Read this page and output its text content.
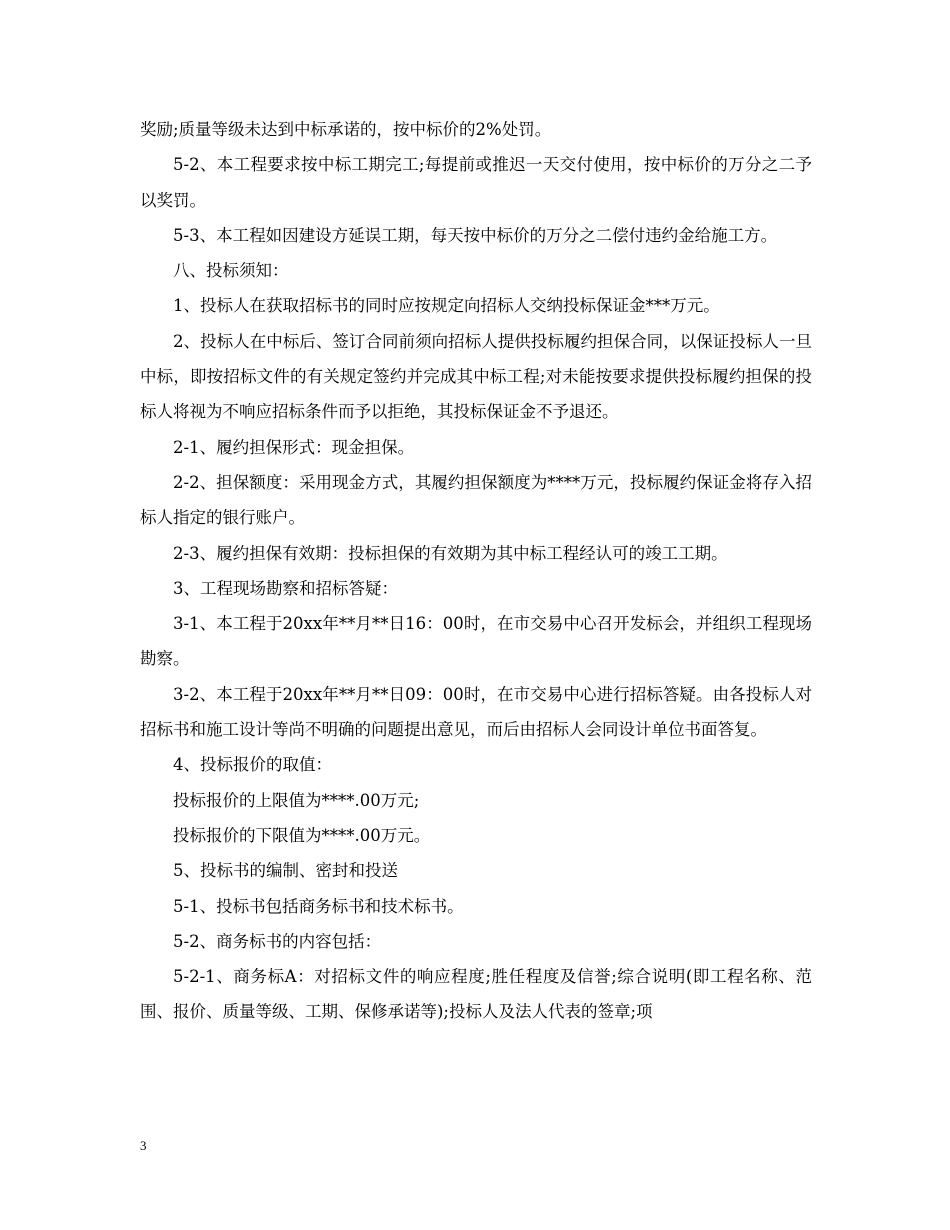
奖励;质量等级未达到中标承诺的，按中标价的2%处罚。

5-2、本工程要求按中标工期完工;每提前或推迟一天交付使用，按中标价的万分之二予以奖罚。

5-3、本工程如因建设方延误工期，每天按中标价的万分之二偿付违约金给施工方。

八、投标须知：

1、投标人在获取招标书的同时应按规定向招标人交纳投标保证金***万元。

2、投标人在中标后、签订合同前须向招标人提供投标履约担保合同，以保证投标人一旦中标，即按招标文件的有关规定签约并完成其中标工程;对未能按要求提供投标履约担保的投标人将视为不响应招标条件而予以拒绝，其投标保证金不予退还。

2-1、履约担保形式：现金担保。

2-2、担保额度：采用现金方式，其履约担保额度为****万元，投标履约保证金将存入招标人指定的银行账户。

2-3、履约担保有效期：投标担保的有效期为其中标工程经认可的竣工工期。

3、工程现场勘察和招标答疑：

3-1、本工程于20xx年**月**日16：00时，在市交易中心召开发标会，并组织工程现场勘察。

3-2、本工程于20xx年**月**日09：00时，在市交易中心进行招标答疑。由各投标人对招标书和施工设计等尚不明确的问题提出意见，而后由招标人会同设计单位书面答复。

4、投标报价的取值：

投标报价的上限值为****.00万元;

投标报价的下限值为****.00万元。

5、投标书的编制、密封和投送

5-1、投标书包括商务标书和技术标书。

5-2、商务标书的内容包括：

5-2-1、商务标A：对招标文件的响应程度;胜任程度及信誉;综合说明(即工程名称、范围、报价、质量等级、工期、保修承诺等);投标人及法人代表的签章;项

3
